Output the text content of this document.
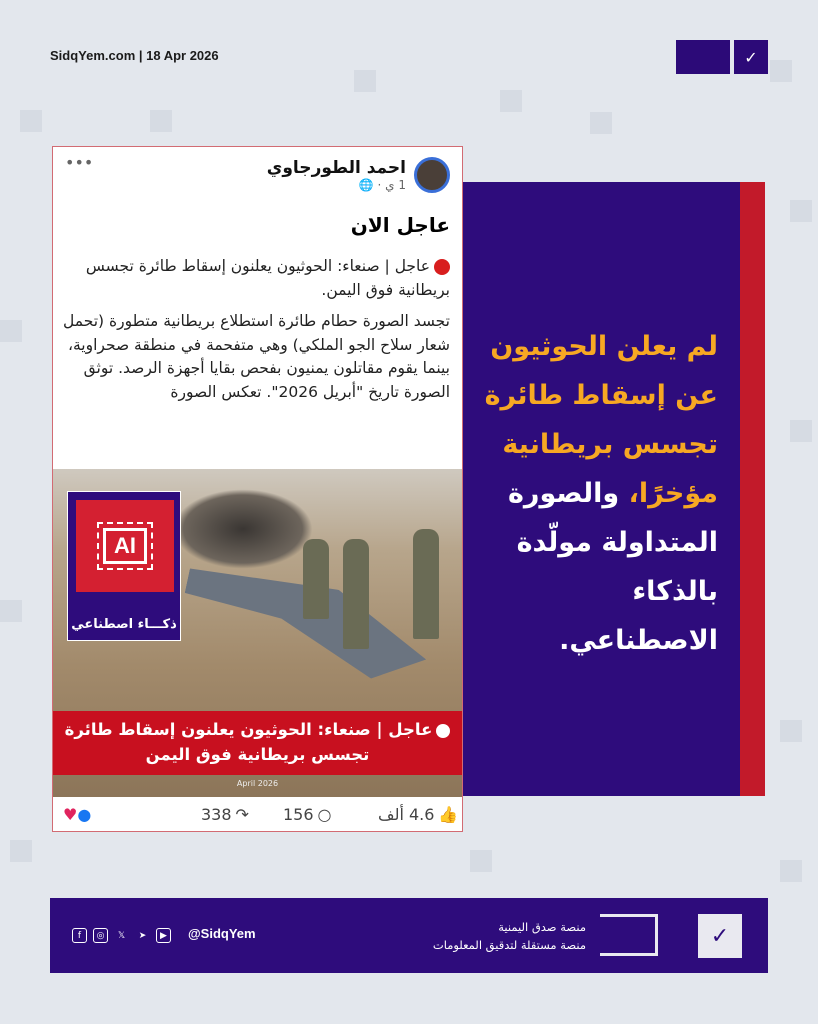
SidqYem.com | 18 Apr 2026	✓
لم يعلن الحوثيون عن إسقاط طائرة تجسس بريطانية مؤخرًا، والصورة المتداولة مولّدة بالذكاء الاصطناعي.
•••	احمد الطورجاوي
1 ي · 🌐
عاجل الان

عاجل | صنعاء: الحوثيون يعلنون إسقاط طائرة تجسس بريطانية فوق اليمن.

تجسد الصورة حطام طائرة استطلاع بريطانية متطورة (تحمل شعار سلاح الجو الملكي) وهي متفحمة في منطقة صحراوية، بينما يقوم مقاتلون يمنيون بفحص بقايا أجهزة الرصد. توثق الصورة تاريخ "أبريل 2026". تعكس الصورة

AI
ذكـــاء اصطناعي
عاجل | صنعاء: الحوثيون يعلنون إسقاط طائرة تجسس بريطانية فوق اليمن
April 2026
♥●	338 ↷ 156 ○	👍
4.6 ألف
f	◎	𝕏	➤	▶	@SidqYem	منصة صدق اليمنية
منصة مستقلة لتدقيق المعلومات	✓
